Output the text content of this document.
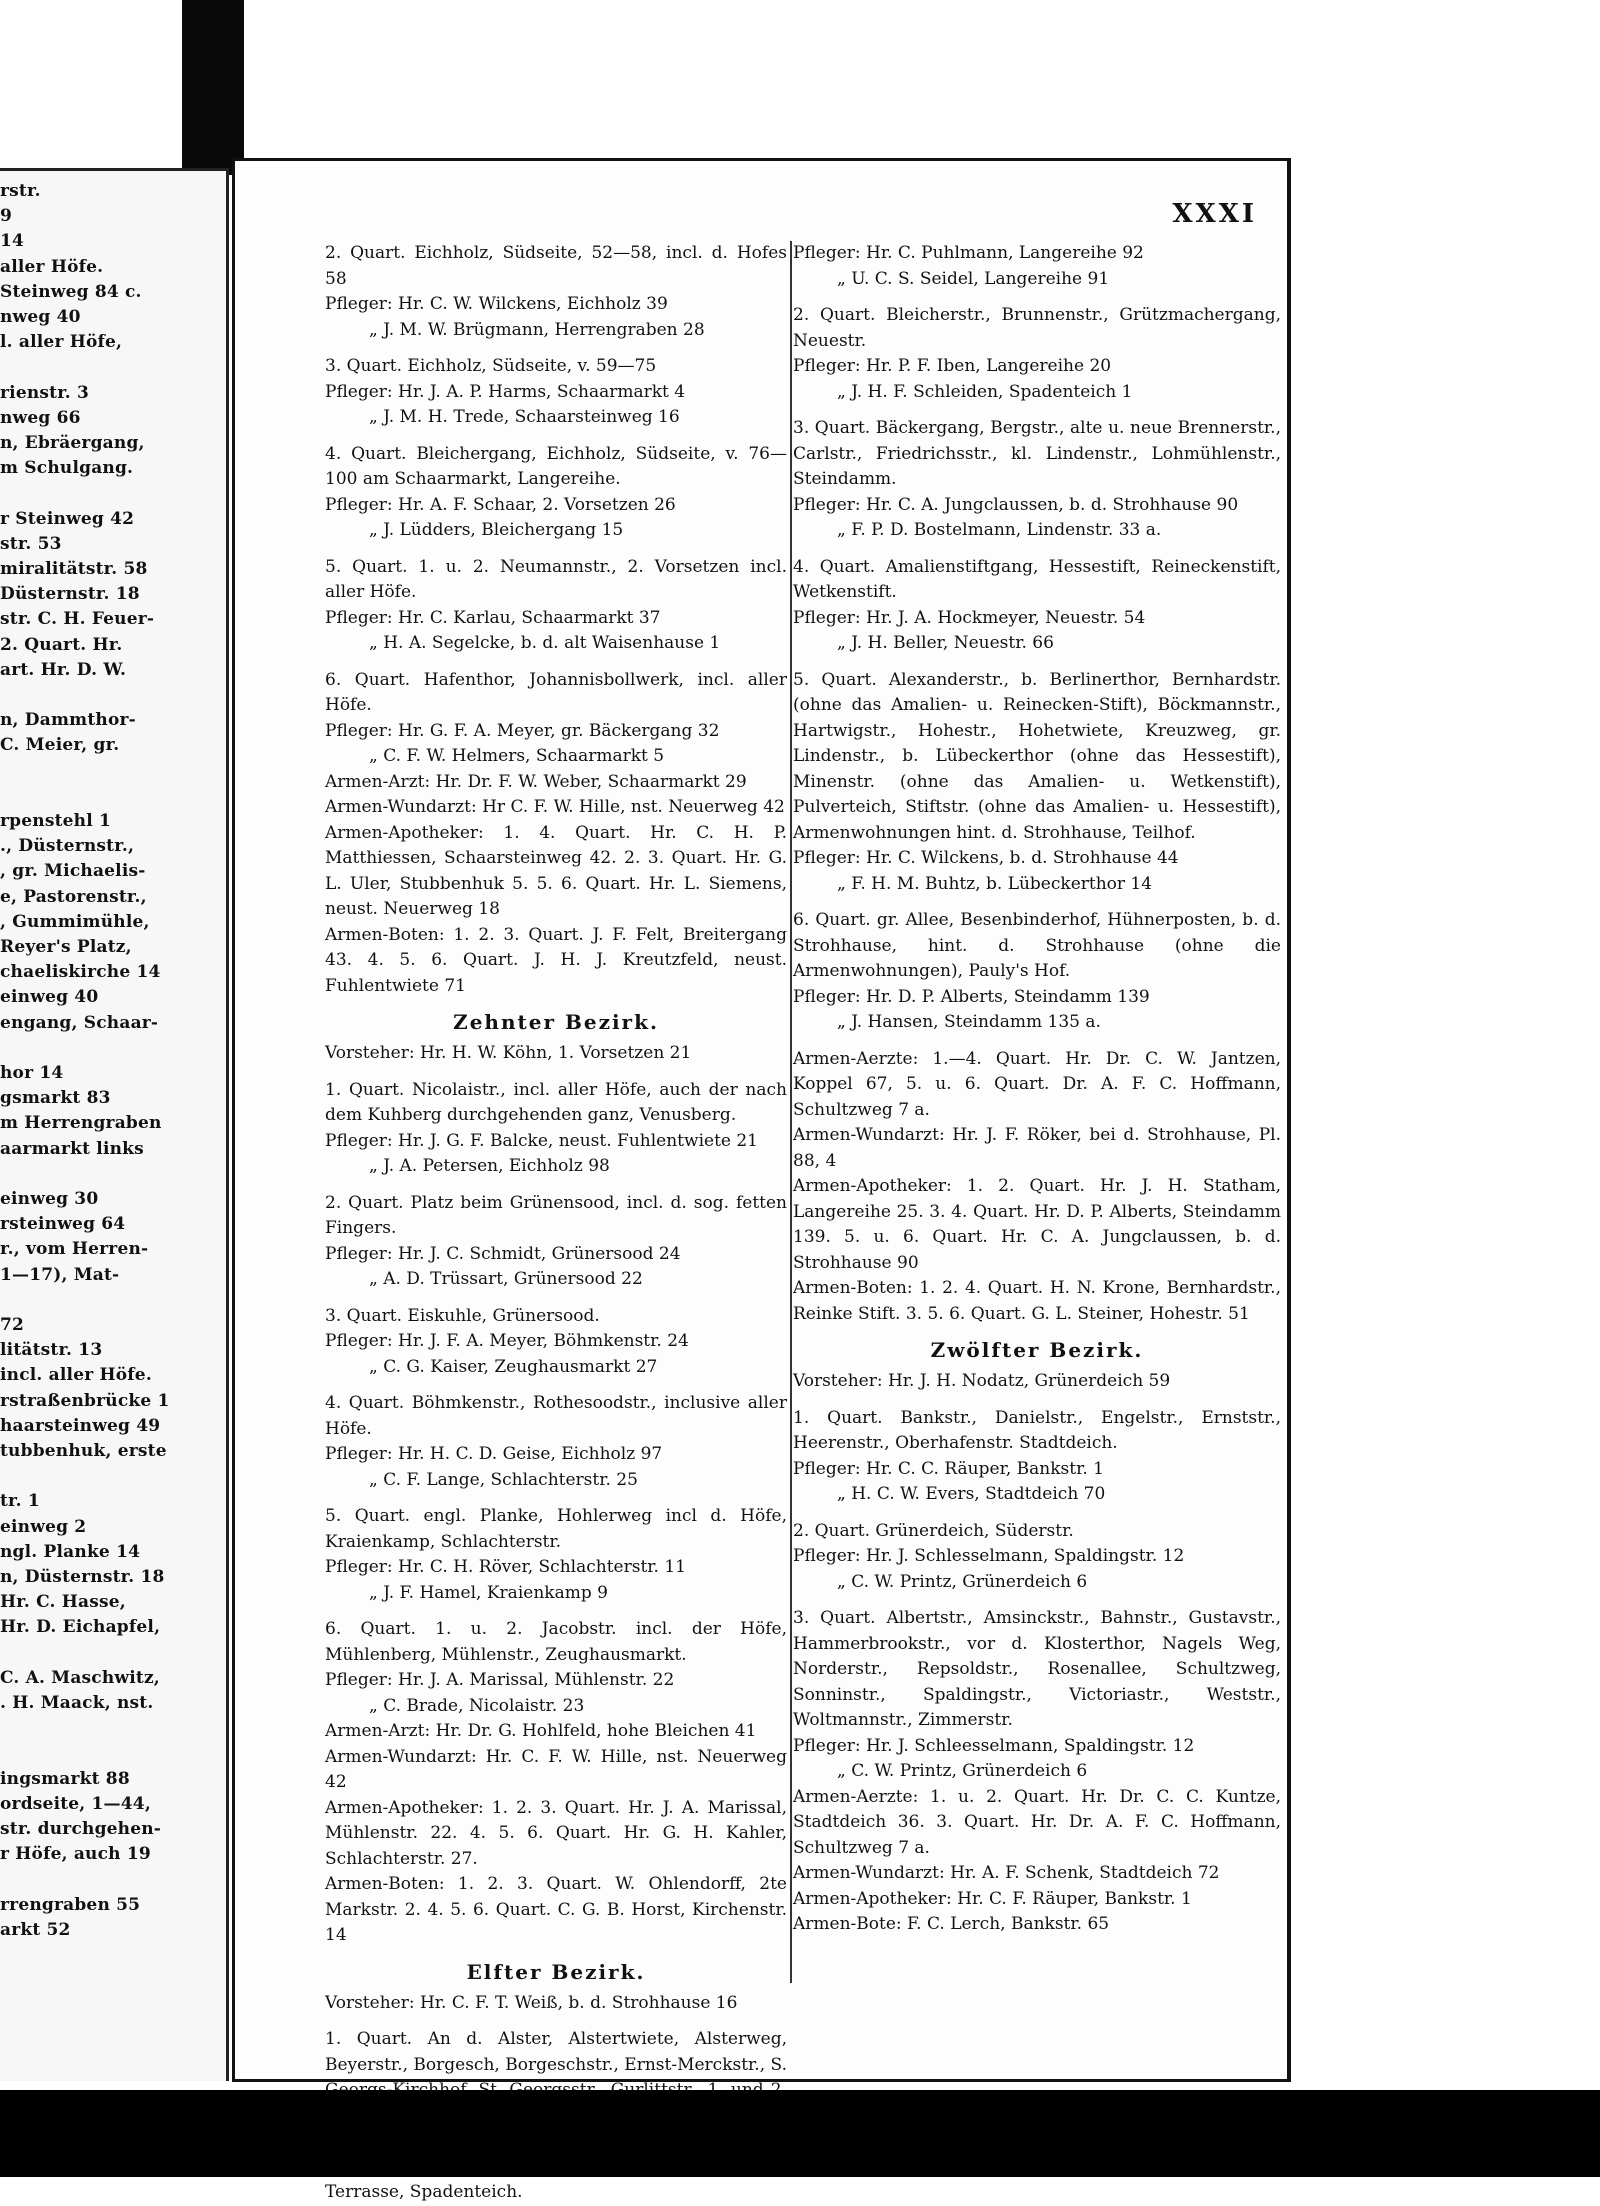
rstr.
9
14
aller Höfe.
Steinweg 84 c.
nweg 40
l. aller Höfe,
rienstr. 3
nweg 66
n, Ebräergang,
m Schulgang.
r Steinweg 42
str. 53
miralitätstr. 58
Düsternstr. 18
str. C. H. Feuer-
2. Quart. Hr.
art. Hr. D. W.
n, Dammthor-
C. Meier, gr.
rpenstehl 1
., Düsternstr.,
, gr. Michaelis-
e, Pastorenstr.,
, Gummimühle,
Reyer's Platz,
chaeliskirche 14
einweg 40
engang, Schaar-
hor 14
gsmarkt 83
m Herrengraben
aarmarkt links
einweg 30
rsteinweg 64
r., vom Herren-
1—17), Mat-
72
litätstr. 13
incl. aller Höfe.
rstraßenbrücke 1
haarsteinweg 49
tubbenhuk, erste
tr. 1
einweg 2
ngl. Planke 14
n, Düsternstr. 18
Hr. C. Hasse,
Hr. D. Eichapfel,
C. A. Maschwitz,
. H. Maack, nst.
ingsmarkt 88
ordseite, 1—44,
str. durchgehen-
r Höfe, auch 19
rrengraben 55
arkt 52
XXXI

2. Quart. Eichholz, Südseite, 52—58, incl. d. Hofes 58

Pfleger: Hr. C. W. Wilckens, Eichholz 39

„ J. M. W. Brügmann, Herrengraben 28

3. Quart. Eichholz, Südseite, v. 59—75

Pfleger: Hr. J. A. P. Harms, Schaarmarkt 4

„ J. M. H. Trede, Schaarsteinweg 16

4. Quart. Bleichergang, Eichholz, Südseite, v. 76—100 am Schaarmarkt, Langereihe.

Pfleger: Hr. A. F. Schaar, 2. Vorsetzen 26

„ J. Lüdders, Bleichergang 15

5. Quart. 1. u. 2. Neumannstr., 2. Vorsetzen incl. aller Höfe.

Pfleger: Hr. C. Karlau, Schaarmarkt 37

„ H. A. Segelcke, b. d. alt Waisenhause 1

6. Quart. Hafenthor, Johannisbollwerk, incl. aller Höfe.

Pfleger: Hr. G. F. A. Meyer, gr. Bäckergang 32

„ C. F. W. Helmers, Schaarmarkt 5

Armen-Arzt: Hr. Dr. F. W. Weber, Schaarmarkt 29

Armen-Wundarzt: Hr C. F. W. Hille, nst. Neuerweg 42

Armen-Apotheker: 1. 4. Quart. Hr. C. H. P. Matthiessen, Schaarsteinweg 42. 2. 3. Quart. Hr. G. L. Uler, Stubbenhuk 5. 5. 6. Quart. Hr. L. Siemens, neust. Neuerweg 18

Armen-Boten: 1. 2. 3. Quart. J. F. Felt, Breitergang 43. 4. 5. 6. Quart. J. H. J. Kreutzfeld, neust. Fuhlentwiete 71

Zehnter Bezirk.

Vorsteher: Hr. H. W. Köhn, 1. Vorsetzen 21

1. Quart. Nicolaistr., incl. aller Höfe, auch der nach dem Kuhberg durchgehenden ganz, Venusberg.

Pfleger: Hr. J. G. F. Balcke, neust. Fuhlentwiete 21

„ J. A. Petersen, Eichholz 98

2. Quart. Platz beim Grünensood, incl. d. sog. fetten Fingers.

Pfleger: Hr. J. C. Schmidt, Grünersood 24

„ A. D. Trüssart, Grünersood 22

3. Quart. Eiskuhle, Grünersood.

Pfleger: Hr. J. F. A. Meyer, Böhmkenstr. 24

„ C. G. Kaiser, Zeughausmarkt 27

4. Quart. Böhmkenstr., Rothesoodstr., inclusive aller Höfe.

Pfleger: Hr. H. C. D. Geise, Eichholz 97

„ C. F. Lange, Schlachterstr. 25

5. Quart. engl. Planke, Hohlerweg incl d. Höfe, Kraienkamp, Schlachterstr.

Pfleger: Hr. C. H. Röver, Schlachterstr. 11

„ J. F. Hamel, Kraienkamp 9

6. Quart. 1. u. 2. Jacobstr. incl. der Höfe, Mühlenberg, Mühlenstr., Zeughausmarkt.

Pfleger: Hr. J. A. Marissal, Mühlenstr. 22

„ C. Brade, Nicolaistr. 23

Armen-Arzt: Hr. Dr. G. Hohlfeld, hohe Bleichen 41

Armen-Wundarzt: Hr. C. F. W. Hille, nst. Neuerweg 42

Armen-Apotheker: 1. 2. 3. Quart. Hr. J. A. Marissal, Mühlenstr. 22. 4. 5. 6. Quart. Hr. G. H. Kahler, Schlachterstr. 27.

Armen-Boten: 1. 2. 3. Quart. W. Ohlendorff, 2te Markstr. 2. 4. 5. 6. Quart. C. G. B. Horst, Kirchenstr. 14

Elfter Bezirk.

Vorsteher: Hr. C. F. T. Weiß, b. d. Strohhause 16

1. Quart. An d. Alster, Alstertwiete, Alsterweg, Beyerstr., Borgesch, Borgeschstr., Ernst-Merckstr., S. Terrasse, Spadenteich.

Pfleger: Hr. C. Puhlmann, Langereihe 92

„ U. C. S. Seidel, Langereihe 91

2. Quart. Bleicherstr., Brunnenstr., Grützmachergang, Neuestr.

Pfleger: Hr. P. F. Iben, Langereihe 20

„ J. H. F. Schleiden, Spadenteich 1

3. Quart. Bäckergang, Bergstr., alte u. neue Brennerstr., Carlstr., Friedrichsstr., kl. Lindenstr., Lohmühlenstr., Steindamm.

Pfleger: Hr. C. A. Jungclaussen, b. d. Strohhause 90

„ F. P. D. Bostelmann, Lindenstr. 33 a.

4. Quart. Amalienstiftgang, Hessestift, Reineckenstift, Wetkenstift.

Pfleger: Hr. J. A. Hockmeyer, Neuestr. 54

„ J. H. Beller, Neuestr. 66

5. Quart. Alexanderstr., b. Berlinerthor, Bernhardstr. (ohne das Amalien- u. Reinecken-Stift), Böckmannstr., Hartwigstr., Hohestr., Hohetwiete, Kreuzweg, gr. Lindenstr., b. Lübeckerthor (ohne das Hessestift), Minenstr. (ohne das Amalien- u. Wetkenstift), Pulverteich, Stiftstr. (ohne das Amalien- u. Hessestift), Armenwohnungen hint. d. Strohhause, Teilhof.

Pfleger: Hr. C. Wilckens, b. d. Strohhause 44

„ F. H. M. Buhtz, b. Lübeckerthor 14

6. Quart. gr. Allee, Besenbinderhof, Hühnerposten, b. d. Strohhause, hint. d. Strohhause (ohne die Armenwohnungen), Pauly's Hof.

Pfleger: Hr. D. P. Alberts, Steindamm 139

„ J. Hansen, Steindamm 135 a.

Armen-Aerzte: 1.—4. Quart. Hr. Dr. C. W. Jantzen, Koppel 67, 5. u. 6. Quart. Dr. A. F. C. Hoffmann, Schultzweg 7 a.

Armen-Wundarzt: Hr. J. F. Röker, bei d. Strohhause, Pl. 88, 4

Armen-Apotheker: 1. 2. Quart. Hr. J. H. Statham, Langereihe 25. 3. 4. Quart. Hr. D. P. Alberts, Steindamm 139. 5. u. 6. Quart. Hr. C. A. Jungclaussen, b. d. Strohhause 90

Armen-Boten: 1. 2. 4. Quart. H. N. Krone, Bernhardstr., Reinke Stift. 3. 5. 6. Quart. G. L. Steiner, Hohestr. 51

Zwölfter Bezirk.

Vorsteher: Hr. J. H. Nodatz, Grünerdeich 59

1. Quart. Bankstr., Danielstr., Engelstr., Ernststr., Heerenstr., Oberhafenstr. Stadtdeich.

Pfleger: Hr. C. C. Räuper, Bankstr. 1

„ H. C. W. Evers, Stadtdeich 70

2. Quart. Grünerdeich, Süderstr.

Pfleger: Hr. J. Schlesselmann, Spaldingstr. 12

„ C. W. Printz, Grünerdeich 6

3. Quart. Albertstr., Amsinckstr., Bahnstr., Gustavstr., Hammerbrookstr., vor d. Klosterthor, Nagels Weg, Norderstr., Repsoldstr., Rosenallee, Schultzweg, Sonninstr., Spaldingstr., Victoriastr., Weststr., Woltmannstr., Zimmerstr.

Pfleger: Hr. J. Schleesselmann, Spaldingstr. 12

„ C. W. Printz, Grünerdeich 6

Armen-Aerzte: 1. u. 2. Quart. Hr. Dr. C. C. Kuntze, Stadtdeich 36. 3. Quart. Hr. Dr. A. F. C. Hoffmann, Schultzweg 7 a.

Armen-Wundarzt: Hr. A. F. Schenk, Stadtdeich 72

Armen-Apotheker: Hr. C. F. Räuper, Bankstr. 1

Armen-Bote: F. C. Lerch, Bankstr. 65
